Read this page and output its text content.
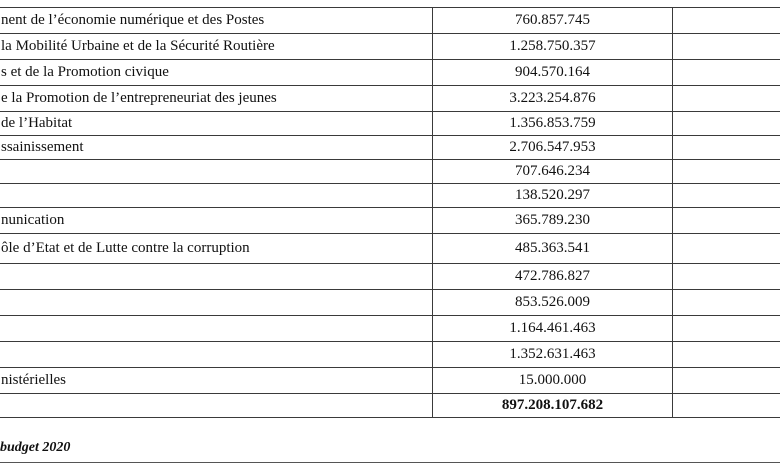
nent de l’économie numérique et des Postes	760.857.745	
la Mobilité Urbaine et de la Sécurité Routière	1.258.750.357	
s et de la Promotion civique	904.570.164	
e la Promotion de l’entrepreneuriat des jeunes	3.223.254.876	
de l’Habitat	1.356.853.759	
ssainissement	2.706.547.953	
	707.646.234	
	138.520.297	
nunication	365.789.230	
ôle d’Etat et de Lutte contre la corruption	485.363.541	
	472.786.827	
	853.526.009	
	1.164.461.463	
	1.352.631.463	
nistérielles	15.000.000	
	897.208.107.682	
budget 2020
